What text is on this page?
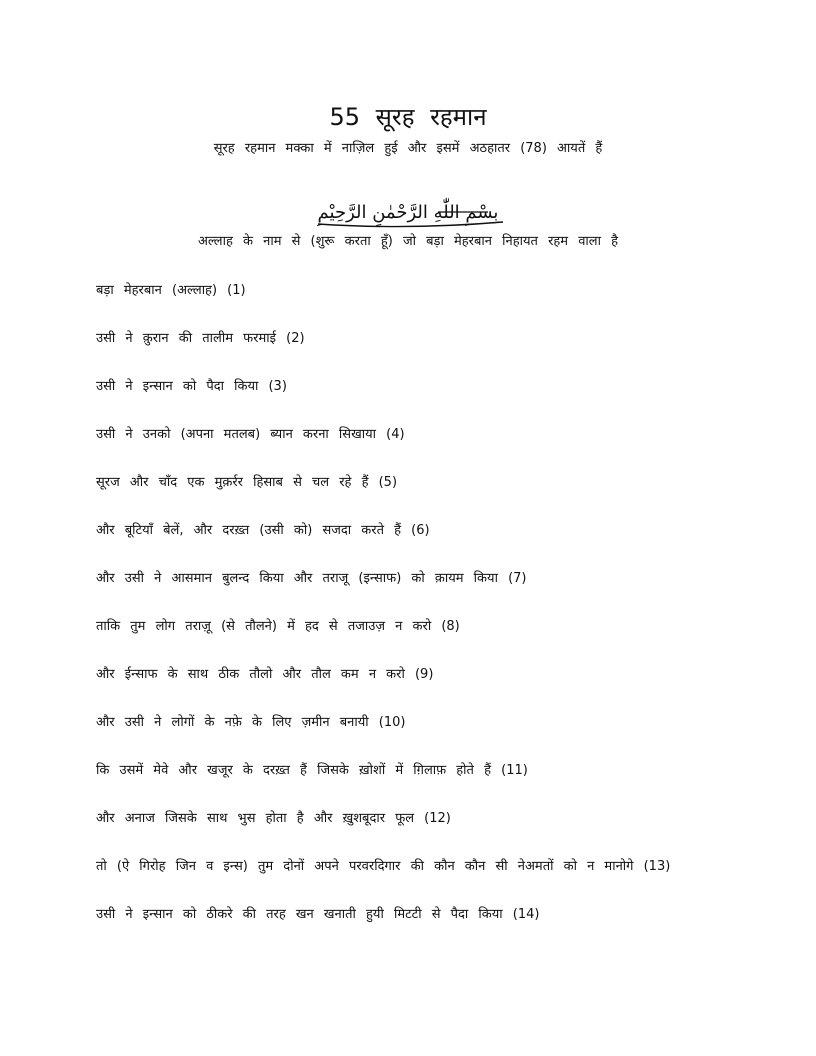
55 सूरह रहमान

सूरह रहमान मक्का में नाज़िल हुई और इसमें अठहातर (78) आयतें हैं

بِسْمِ اللّٰهِ الرَّحْمٰنِ الرَّحِيْمِ

अल्लाह के नाम से (शुरू करता हूँ) जो बड़ा मेहरबान निहायत रहम वाला है

बड़ा मेहरबान (अल्लाह) (1)
उसी ने क़ुरान की तालीम फरमाई (2)
उसी ने इन्सान को पैदा किया (3)
उसी ने उनको (अपना मतलब) ब्यान करना सिखाया (4)
सूरज और चाँद एक मुक़र्रर हिसाब से चल रहे हैं (5)
और बूटियाँ बेलें, और दरख़्त (उसी को) सजदा करते हैं (6)
और उसी ने आसमान बुलन्द किया और तराजू (इन्साफ) को क़ायम किया (7)
ताकि तुम लोग तराज़ू (से तौलने) में हद से तजाउज़ न करो (8)
और ईन्साफ के साथ ठीक तौलो और तौल कम न करो (9)
और उसी ने लोगों के नफ़े के लिए ज़मीन बनायी (10)
कि उसमें मेवे और खजूर के दरख़्त हैं जिसके ख़ोशों में ग़िलाफ़ होते हैं (11)
और अनाज जिसके साथ भुस होता है और ख़ुशबूदार फूल (12)
तो (ऐ गिरोह जिन व इन्स) तुम दोनों अपने परवरदिगार की कौन कौन सी नेअमतों को न मानोगे (13)
उसी ने इन्सान को ठीकरे की तरह खन खनाती हुयी मिटटी से पैदा किया (14)
